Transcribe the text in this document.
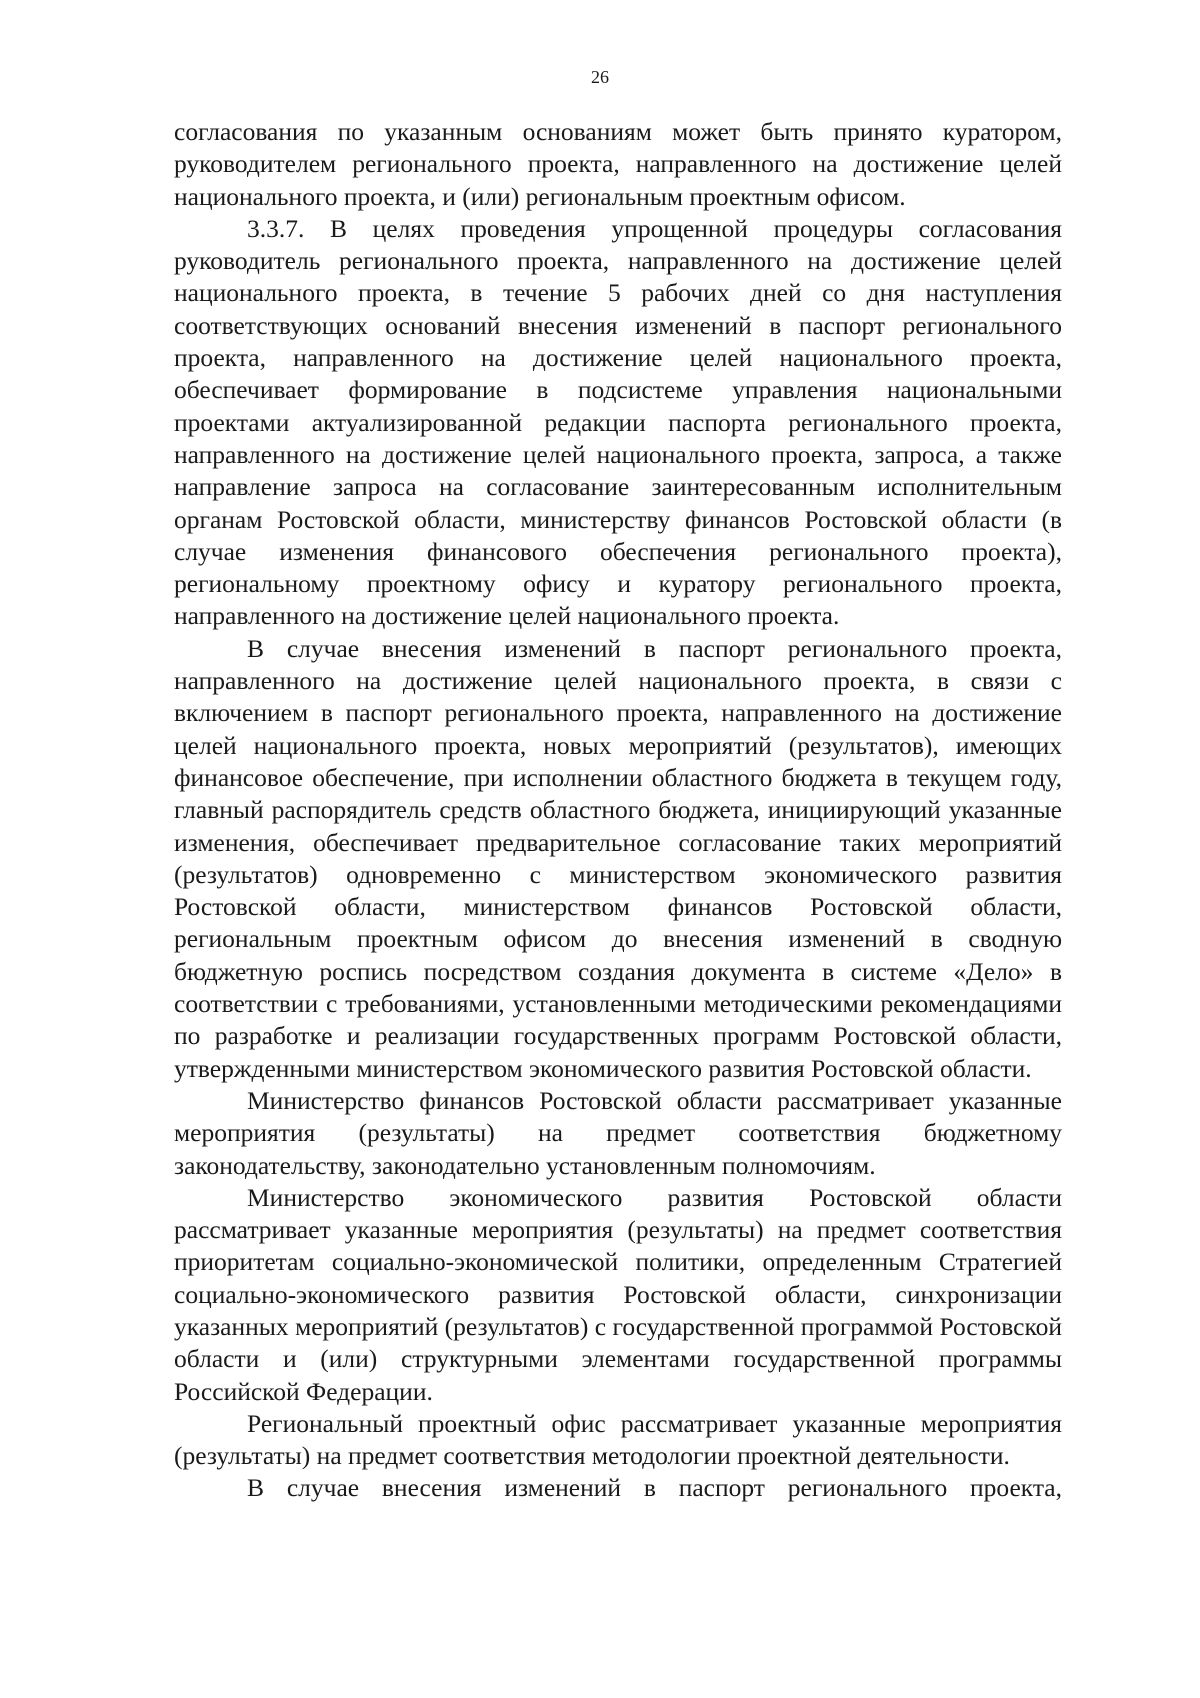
26

согласования по указанным основаниям может быть принято куратором, руководителем регионального проекта, направленного на достижение целей национального проекта, и (или) региональным проектным офисом.

3.3.7. В целях проведения упрощенной процедуры согласования руководитель регионального проекта, направленного на достижение целей национального проекта, в течение 5 рабочих дней со дня наступления соответствующих оснований внесения изменений в паспорт регионального проекта, направленного на достижение целей национального проекта, обеспечивает формирование в подсистеме управления национальными проектами актуализированной редакции паспорта регионального проекта, направленного на достижение целей национального проекта, запроса, а также направление запроса на согласование заинтересованным исполнительным органам Ростовской области, министерству финансов Ростовской области (в случае изменения финансового обеспечения регионального проекта), региональному проектному офису и куратору регионального проекта, направленного на достижение целей национального проекта.

В случае внесения изменений в паспорт регионального проекта, направленного на достижение целей национального проекта, в связи с включением в паспорт регионального проекта, направленного на достижение целей национального проекта, новых мероприятий (результатов), имеющих финансовое обеспечение, при исполнении областного бюджета в текущем году, главный распорядитель средств областного бюджета, инициирующий указанные изменения, обеспечивает предварительное согласование таких мероприятий (результатов) одновременно с министерством экономического развития Ростовской области, министерством финансов Ростовской области, региональным проектным офисом до внесения изменений в сводную бюджетную роспись посредством создания документа в системе «Дело» в соответствии с требованиями, установленными методическими рекомендациями по разработке и реализации государственных программ Ростовской области, утвержденными министерством экономического развития Ростовской области.

Министерство финансов Ростовской области рассматривает указанные мероприятия (результаты) на предмет соответствия бюджетному законодательству, законодательно установленным полномочиям.

Министерство экономического развития Ростовской области рассматривает указанные мероприятия (результаты) на предмет соответствия приоритетам социально-экономической политики, определенным Стратегией социально-экономического развития Ростовской области, синхронизации указанных мероприятий (результатов) с государственной программой Ростовской области и (или) структурными элементами государственной программы Российской Федерации.

Региональный проектный офис рассматривает указанные мероприятия (результаты) на предмет соответствия методологии проектной деятельности.

В случае внесения изменений в паспорт регионального проекта,
